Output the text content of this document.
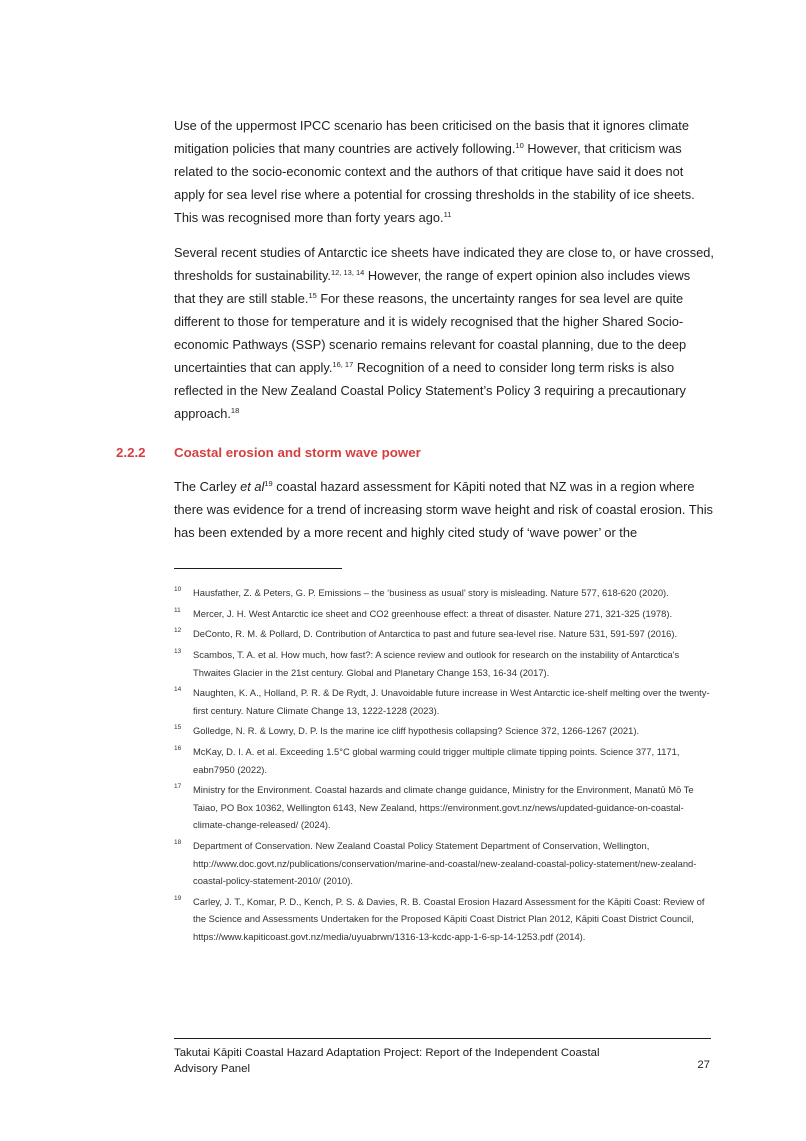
Use of the uppermost IPCC scenario has been criticised on the basis that it ignores climate mitigation policies that many countries are actively following.$^{10}$ However, that criticism was related to the socio-economic context and the authors of that critique have said it does not apply for sea level rise where a potential for crossing thresholds in the stability of ice sheets. This was recognised more than forty years ago.$^{11}$

Several recent studies of Antarctic ice sheets have indicated they are close to, or have crossed, thresholds for sustainability.$^{12, 13, 14}$ However, the range of expert opinion also includes views that they are still stable.$^{15}$ For these reasons, the uncertainty ranges for sea level are quite different to those for temperature and it is widely recognised that the higher Shared Socio-economic Pathways (SSP) scenario remains relevant for coastal planning, due to the deep uncertainties that can apply.$^{16, 17}$ Recognition of a need to consider long term risks is also reflected in the New Zealand Coastal Policy Statement’s Policy 3 requiring a precautionary approach.$^{18}$

2.2.2 Coastal erosion and storm wave power

The Carley et $al^{19}$ coastal hazard assessment for Kāpiti noted that NZ was in a region where there was evidence for a trend of increasing storm wave height and risk of coastal erosion. This has been extended by a more recent and highly cited study of ‘wave power’ or the

10	Hausfather, Z. & Peters, G. P. Emissions – the ‘business as usual’ story is misleading. Nature 577, 618-620 (2020).
11	Mercer, J. H. West Antarctic ice sheet and CO2 greenhouse effect: a threat of disaster. Nature 271, 321-325 (1978).
12	DeConto, R. M. & Pollard, D. Contribution of Antarctica to past and future sea-level rise. Nature 531, 591-597 (2016).
13	Scambos, T. A. et al. How much, how fast?: A science review and outlook for research on the instability of Antarctica's Thwaites Glacier in the 21st century. Global and Planetary Change 153, 16-34 (2017).
14	Naughten, K. A., Holland, P. R. & De Rydt, J. Unavoidable future increase in West Antarctic ice-shelf melting over the twenty-first century. Nature Climate Change 13, 1222-1228 (2023).
15	Golledge, N. R. & Lowry, D. P. Is the marine ice cliff hypothesis collapsing? Science 372, 1266-1267 (2021).
16	McKay, D. I. A. et al. Exceeding 1.5°C global warming could trigger multiple climate tipping points. Science 377, 1171, eabn7950 (2022).
17	Ministry for the Environment. Coastal hazards and climate change guidance, Ministry for the Environment, Manatū Mō Te Taiao, PO Box 10362, Wellington 6143, New Zealand, https://environment.govt.nz/news/updated-guidance-on-coastal-climate-change-released/ (2024).
18	Department of Conservation. New Zealand Coastal Policy Statement Department of Conservation, Wellington, http://www.doc.govt.nz/publications/conservation/marine-and-coastal/new-zealand-coastal-policy-statement/new-zealand-coastal-policy-statement-2010/ (2010).
19	Carley, J. T., Komar, P. D., Kench, P. S. & Davies, R. B. Coastal Erosion Hazard Assessment for the Kāpiti Coast: Review of the Science and Assessments Undertaken for the Proposed Kāpiti Coast District Plan 2012, Kāpiti Coast District Council, https://www.kapiticoast.govt.nz/media/uyuabrwn/1316-13-kcdc-app-1-6-sp-14-1253.pdf (2014).
Takutai Kāpiti Coastal Hazard Adaptation Project: Report of the Independent Coastal Advisory Panel	27
